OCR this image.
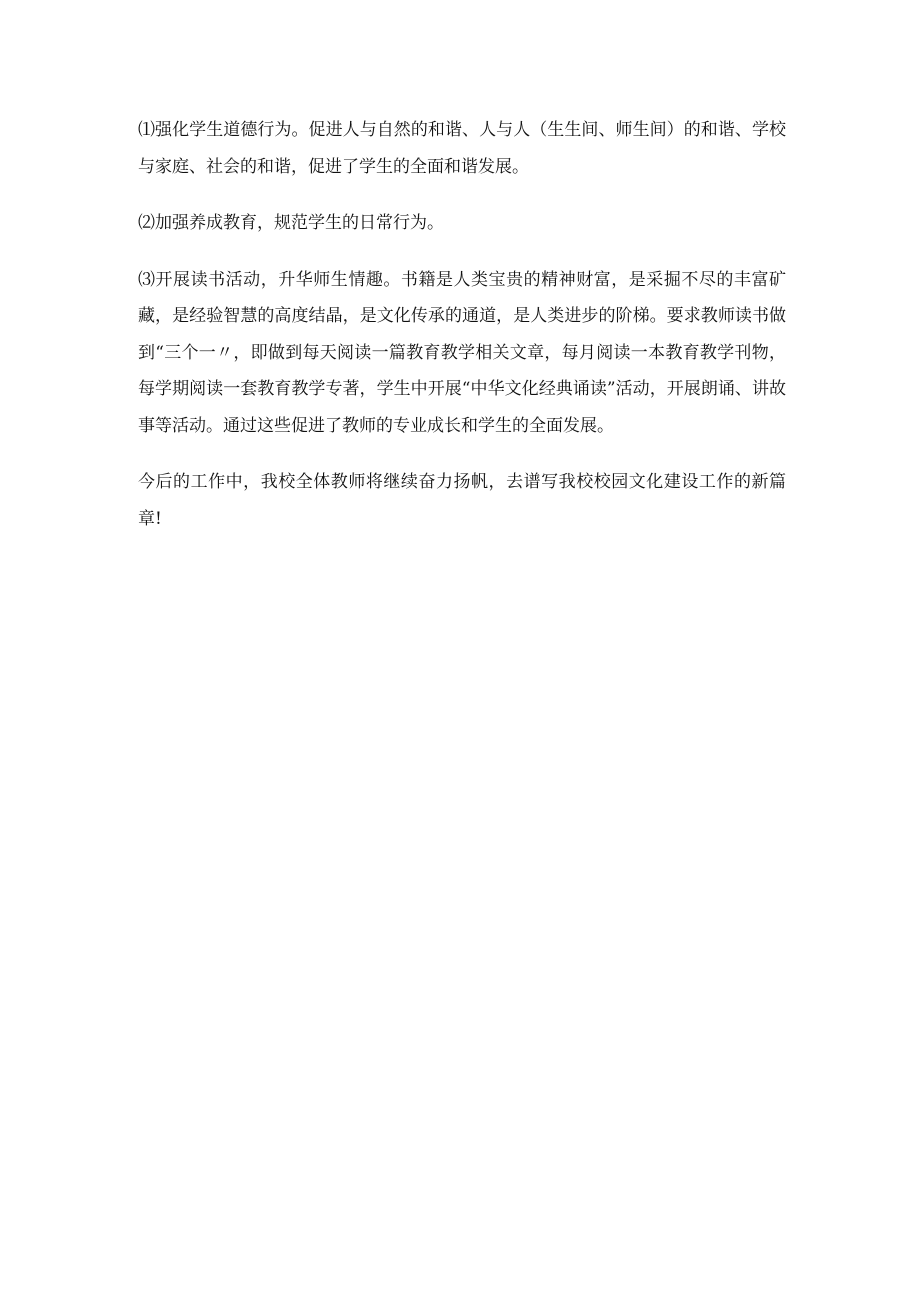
⑴强化学生道德行为。促进人与自然的和谐、人与人（生生间、师生间）的和谐、学校与家庭、社会的和谐，促进了学生的全面和谐发展。

⑵加强养成教育，规范学生的日常行为。

⑶开展读书活动，升华师生情趣。书籍是人类宝贵的精神财富，是采掘不尽的丰富矿藏，是经验智慧的高度结晶，是文化传承的通道，是人类进步的阶梯。要求教师读书做到“三个一〃，即做到每天阅读一篇教育教学相关文章，每月阅读一本教育教学刊物，每学期阅读一套教育教学专著，学生中开展“中华文化经典诵读”活动，开展朗诵、讲故事等活动。通过这些促进了教师的专业成长和学生的全面发展。

今后的工作中，我校全体教师将继续奋力扬帆，去谱写我校校园文化建设工作的新篇章!
